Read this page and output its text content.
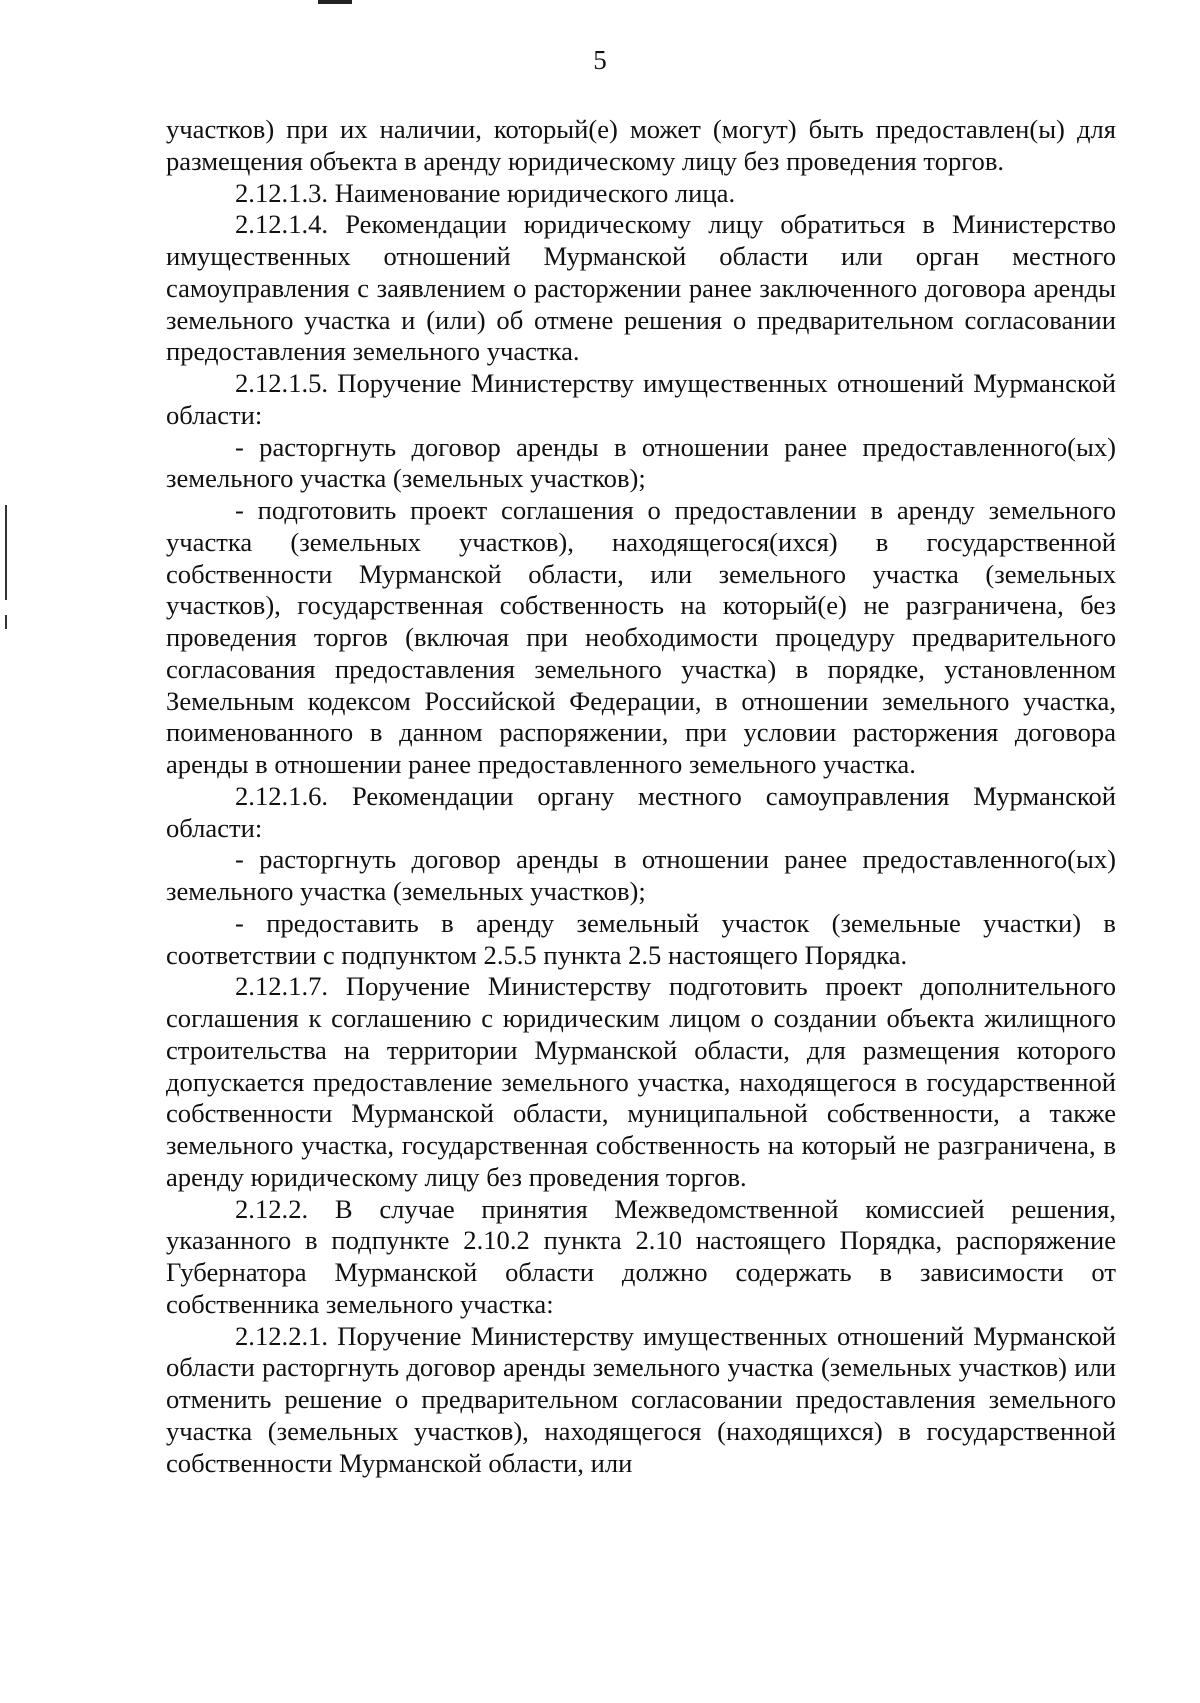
5

участков) при их наличии, который(е) может (могут) быть предоставлен(ы) для размещения объекта в аренду юридическому лицу без проведения торгов.

2.12.1.3. Наименование юридического лица.

2.12.1.4. Рекомендации юридическому лицу обратиться в Министерство имущественных отношений Мурманской области или орган местного самоуправления с заявлением о расторжении ранее заключенного договора аренды земельного участка и (или) об отмене решения о предварительном согласовании предоставления земельного участка.

2.12.1.5. Поручение Министерству имущественных отношений Мурманской области:

- расторгнуть договор аренды в отношении ранее предоставленного(ых) земельного участка (земельных участков);

- подготовить проект соглашения о предоставлении в аренду земельного участка (земельных участков), находящегося(ихся) в государственной собственности Мурманской области, или земельного участка (земельных участков), государственная собственность на который(е) не разграничена, без проведения торгов (включая при необходимости процедуру предварительного согласования предоставления земельного участка) в порядке, установленном Земельным кодексом Российской Федерации, в отношении земельного участка, поименованного в данном распоряжении, при условии расторжения договора аренды в отношении ранее предоставленного земельного участка.

2.12.1.6. Рекомендации органу местного самоуправления Мурманской области:

- расторгнуть договор аренды в отношении ранее предоставленного(ых) земельного участка (земельных участков);

- предоставить в аренду земельный участок (земельные участки) в соответствии с подпунктом 2.5.5 пункта 2.5 настоящего Порядка.

2.12.1.7. Поручение Министерству подготовить проект дополнительного соглашения к соглашению с юридическим лицом о создании объекта жилищного строительства на территории Мурманской области, для размещения которого допускается предоставление земельного участка, находящегося в государственной собственности Мурманской области, муниципальной собственности, а также земельного участка, государственная собственность на который не разграничена, в аренду юридическому лицу без проведения торгов.

2.12.2. В случае принятия Межведомственной комиссией решения, указанного в подпункте 2.10.2 пункта 2.10 настоящего Порядка, распоряжение Губернатора Мурманской области должно содержать в зависимости от собственника земельного участка:

2.12.2.1. Поручение Министерству имущественных отношений Мурманской области расторгнуть договор аренды земельного участка (земельных участков) или отменить решение о предварительном согласовании предоставления земельного участка (земельных участков), находящегося (находящихся) в государственной собственности Мурманской области, или
